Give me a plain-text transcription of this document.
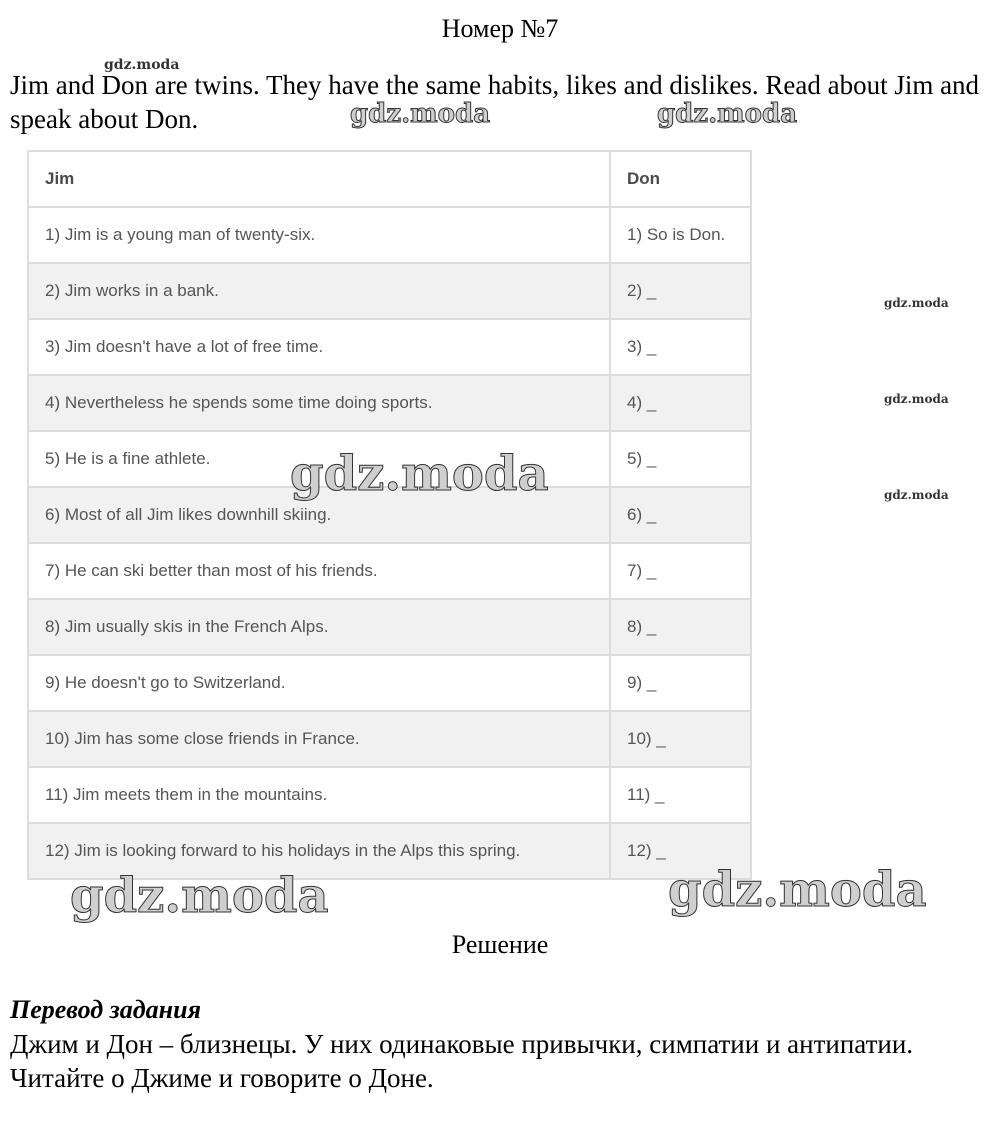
Номер №7
Jim and Don are twins. They have the same habits, likes and dislikes. Read about Jim and speak about Don.
Jim	Don
1) Jim is a young man of twenty-six.	1) So is Don.
2) Jim works in a bank.	2) _
3) Jim doesn't have a lot of free time.	3) _
4) Nevertheless he spends some time doing sports.	4) _
5) He is a fine athlete.	5) _
6) Most of all Jim likes downhill skiing.	6) _
7) He can ski better than most of his friends.	7) _
8) Jim usually skis in the French Alps.	8) _
9) He doesn't go to Switzerland.	9) _
10) Jim has some close friends in France.	10) _
11) Jim meets them in the mountains.	11) _
12) Jim is looking forward to his holidays in the Alps this spring.	12) _
Решение
Перевод задания
Джим и Дон – близнецы. У них одинаковые привычки, симпатии и антипатии. Читайте о Джиме и говорите о Доне.
gdz.moda
gdz.moda	gdz.moda
gdz.moda
gdz.moda
gdz.moda
gdz.moda
gdz.moda	gdz.moda
